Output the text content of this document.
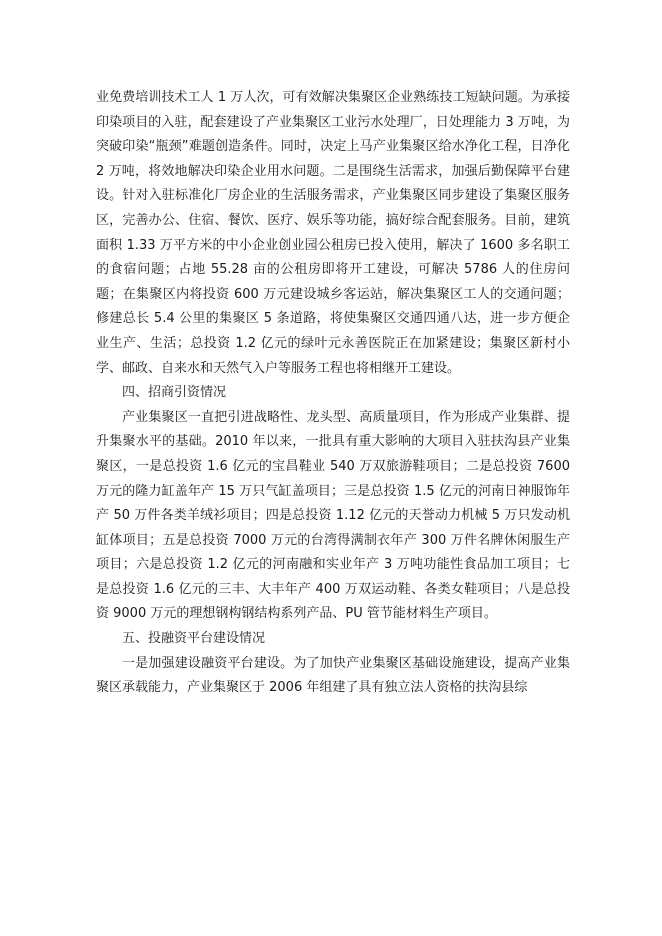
业免费培训技术工人 1 万人次，可有效解决集聚区企业熟练技工短缺问题。为承接印染项目的入驻，配套建设了产业集聚区工业污水处理厂，日处理能力 3 万吨，为突破印染“瓶颈”难题创造条件。同时，决定上马产业集聚区给水净化工程，日净化 2 万吨，将效地解决印染企业用水问题。二是围绕生活需求，加强后勤保障平台建设。针对入驻标准化厂房企业的生活服务需求，产业集聚区同步建设了集聚区服务区，完善办公、住宿、餐饮、医疗、娱乐等功能，搞好综合配套服务。目前，建筑面积 1.33 万平方米的中小企业创业园公租房已投入使用，解决了 1600 多名职工的食宿问题；占地 55.28 亩的公租房即将开工建设，可解决 5786 人的住房问题；在集聚区内将投资 600 万元建设城乡客运站，解决集聚区工人的交通问题；修建总长 5.4 公里的集聚区 5 条道路，将使集聚区交通四通八达，进一步方便企业生产、生活；总投资 1.2 亿元的绿叶元永善医院正在加紧建设；集聚区新村小学、邮政、自来水和天然气入户等服务工程也将相继开工建设。

四、招商引资情况

产业集聚区一直把引进战略性、龙头型、高质量项目，作为形成产业集群、提升集聚水平的基础。2010 年以来，一批具有重大影响的大项目入驻扶沟县产业集聚区，一是总投资 1.6 亿元的宝昌鞋业 540 万双旅游鞋项目；二是总投资 7600 万元的隆力缸盖年产 15 万只气缸盖项目；三是总投资 1.5 亿元的河南日神服饰年产 50 万件各类羊绒衫项目；四是总投资 1.12 亿元的天誉动力机械 5 万只发动机缸体项目；五是总投资 7000 万元的台湾得满制衣年产 300 万件名牌休闲服生产项目；六是总投资 1.2 亿元的河南融和实业年产 3 万吨功能性食品加工项目；七是总投资 1.6 亿元的三丰、大丰年产 400 万双运动鞋、各类女鞋项目；八是总投资 9000 万元的理想钢构钢结构系列产品、PU 管节能材料生产项目。

五、投融资平台建设情况

一是加强建设融资平台建设。为了加快产业集聚区基础设施建设，提高产业集聚区承载能力，产业集聚区于 2006 年组建了具有独立法人资格的扶沟县综
